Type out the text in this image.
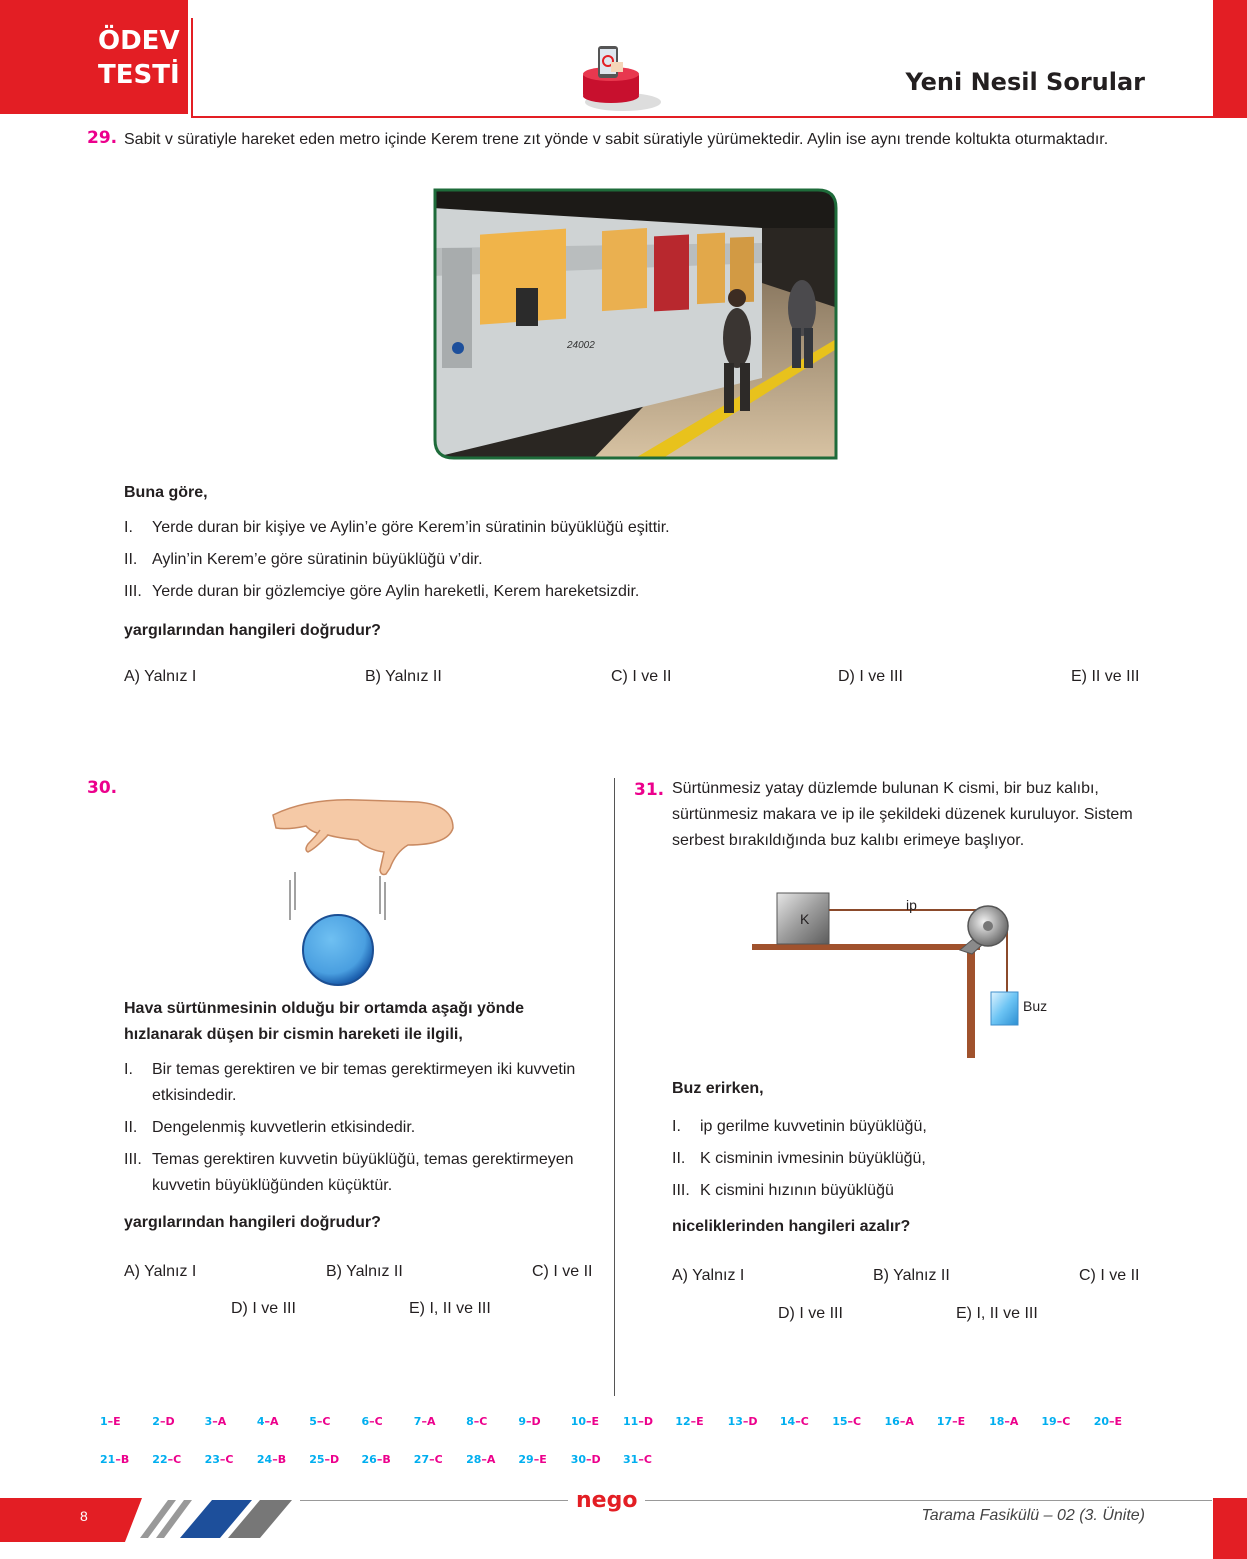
ÖDEV
TESTİ	Yeni Nesil Sorular
29. Sabit v süratiyle hareket eden metro içinde Kerem trene zıt yönde v sabit süratiyle yürümektedir. Aylin ise aynı trende koltukta oturmaktadır.
24002
Buna göre,
I. Yerde duran bir kişiye ve Aylin’e göre Kerem’in süratinin büyüklüğü eşittir.
II. Aylin’in Kerem’e göre süratinin büyüklüğü v’dir.
III. Yerde duran bir gözlemciye göre Aylin hareketli, Kerem hareketsizdir.
yargılarından hangileri doğrudur?
A) Yalnız I	B) Yalnız II	C) I ve II	D) I ve III	E) II ve III
30.
Hava sürtünmesinin olduğu bir ortamda aşağı yönde hızlanarak düşen bir cismin hareketi ile ilgili,
I.	Bir temas gerektiren ve bir temas gerektirmeyen iki kuvvetin etkisindedir.
II. Dengelenmiş kuvvetlerin etkisindedir.
III. Temas gerektiren kuvvetin büyüklüğü, temas gerektirmeyen kuvvetin büyüklüğünden küçüktür.
yargılarından hangileri doğrudur?
A) Yalnız I	B) Yalnız II	C) I ve II
D) I ve III	E) I, II ve III
31. Sürtünmesiz yatay düzlemde bulunan K cismi, bir buz kalıbı, sürtünmesiz makara ve ip ile şekildeki düzenek kuruluyor. Sistem serbest bırakıldığında buz kalıbı erimeye başlıyor.
K
ip
Buz
Buz erirken,
I. ip gerilme kuvvetinin büyüklüğü,
II. K cisminin ivmesinin büyüklüğü,
III. K cismini hızının büyüklüğü
niceliklerinden hangileri azalır?
A) Yalnız I	B) Yalnız II	C) I ve II
D) I ve III	E) I, II ve III
1–E	2–D	3–A	4–A	5–C	6–C	7–A	8–C	9–D	10–E 11–D 12–E 13–D 14–C 15–C 16–A 17–E 18–A 19–C 20–E
21–B 22–C 23–C 24–B 25–D 26–B 27–C 28–A 29–E 30–D 31–C
8
nego
Tarama Fasikülü – 02 (3. Ünite)
